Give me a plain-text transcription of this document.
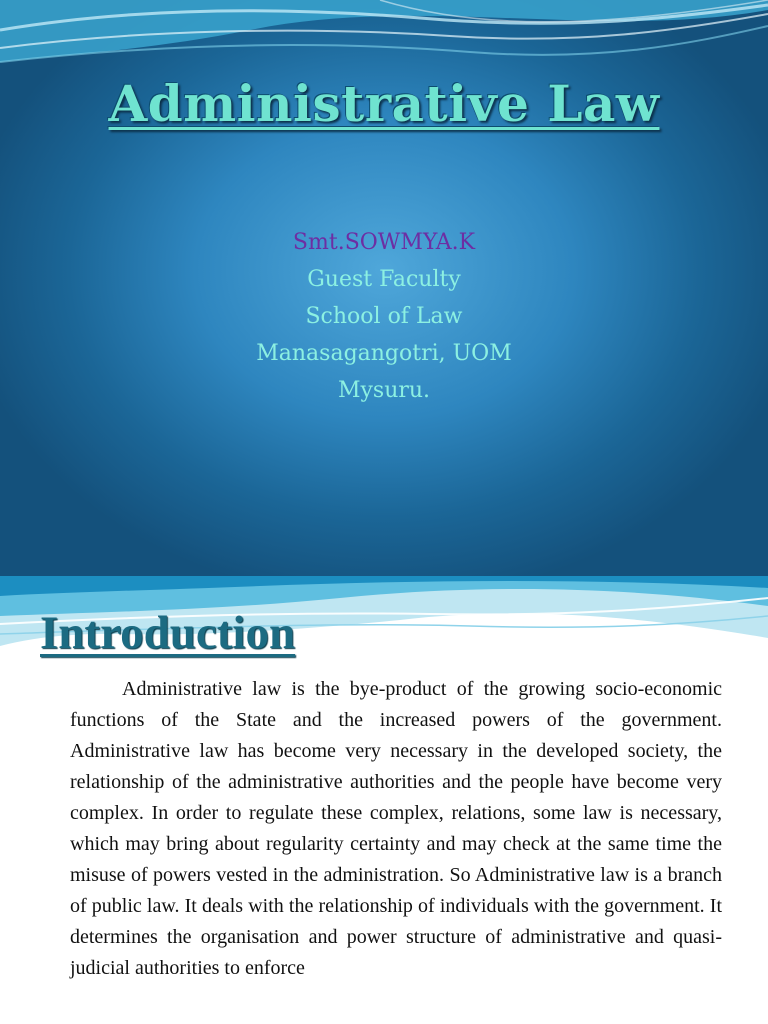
Administrative Law
Smt.SOWMYA.K
Guest Faculty
School of Law
Manasagangotri, UOM
Mysuru.
Introduction
Administrative law is the bye-product of the growing socio-economic functions of the State and the increased powers of the government. Administrative law has become very necessary in the developed society, the relationship of the administrative authorities and the people have become very complex. In order to regulate these complex, relations, some law is necessary, which may bring about regularity certainty and may check at the same time the misuse of powers vested in the administration. So Administrative law is a branch of public law. It deals with the relationship of individuals with the government. It determines the organisation and power structure of administrative and quasi-judicial authorities to enforce
